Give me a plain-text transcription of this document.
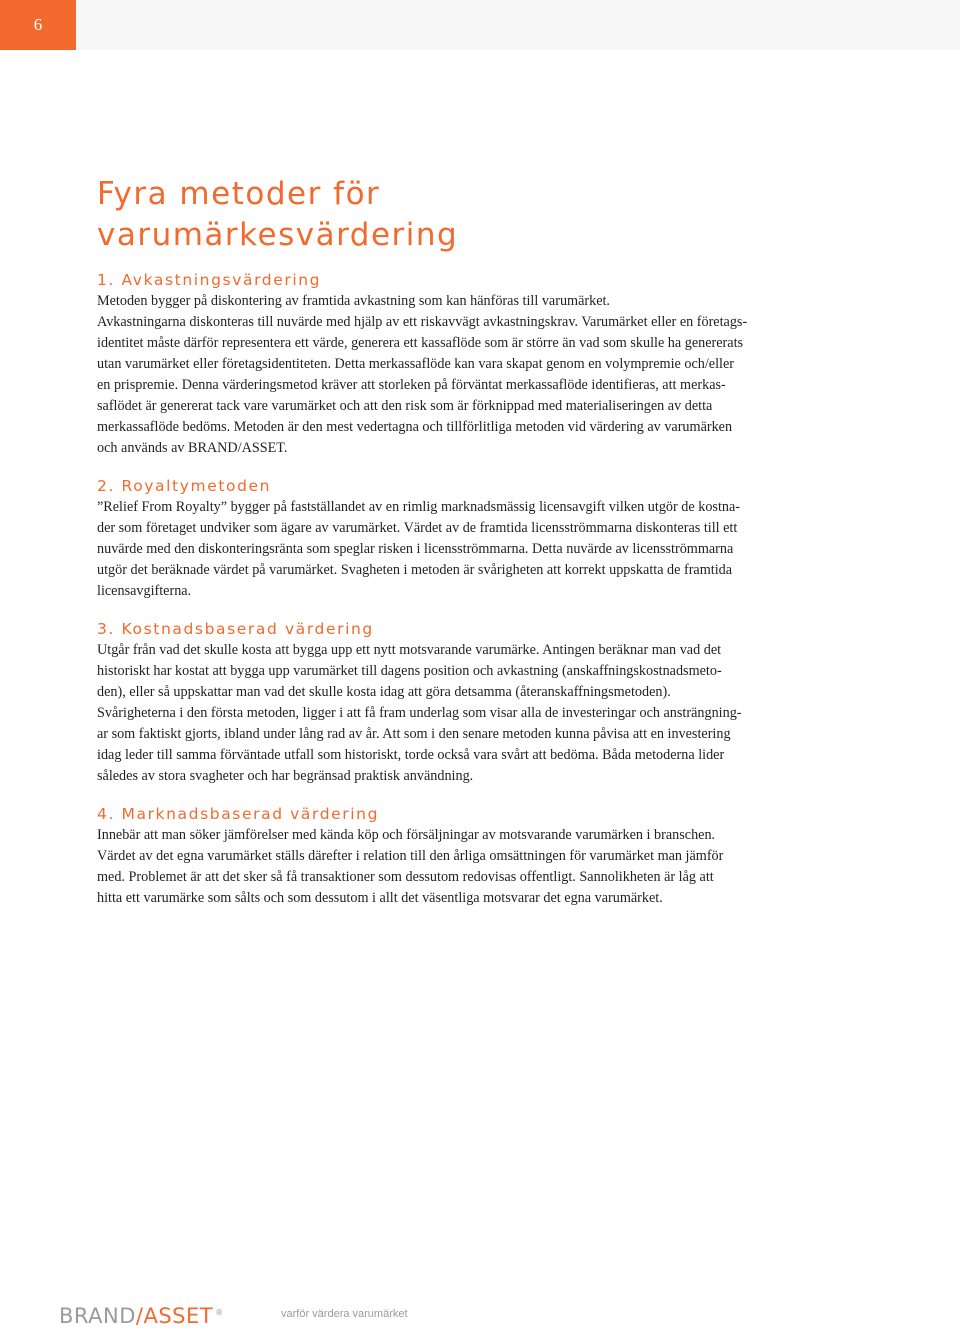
6
Fyra metoder för
varumärkesvärdering
1. Avkastningsvärdering

Metoden bygger på diskontering av framtida avkastning som kan hänföras till varumärket.
Avkastningarna diskonteras till nuvärde med hjälp av ett riskavvägt avkastningskrav. Varumärket eller en företags-
identitet måste därför representera ett värde, generera ett kassaflöde som är större än vad som skulle ha genererats
utan varumärket eller företagsidentiteten. Detta merkassaflöde kan vara skapat genom en volympremie och/eller
en prispremie. Denna värderingsmetod kräver att storleken på förväntat merkassaflöde identifieras, att merkas-
saflödet är genererat tack vare varumärket och att den risk som är förknippad med materialiseringen av detta
merkassaflöde bedöms. Metoden är den mest vedertagna och tillförlitliga metoden vid värdering av varumärken
och används av BRAND/ASSET.

2. Royaltymetoden

”Relief From Royalty” bygger på fastställandet av en rimlig marknadsmässig licensavgift vilken utgör de kostna-
der som företaget undviker som ägare av varumärket. Värdet av de framtida licensströmmarna diskonteras till ett
nuvärde med den diskonteringsränta som speglar risken i licensströmmarna. Detta nuvärde av licensströmmarna
utgör det beräknade värdet på varumärket. Svagheten i metoden är svårigheten att korrekt uppskatta de framtida
licensavgifterna.

3. Kostnadsbaserad värdering

Utgår från vad det skulle kosta att bygga upp ett nytt motsvarande varumärke. Antingen beräknar man vad det
historiskt har kostat att bygga upp varumärket till dagens position och avkastning (anskaffningskostnadsmeto-
den), eller så uppskattar man vad det skulle kosta idag att göra detsamma (återanskaffningsmetoden).
Svårigheterna i den första metoden, ligger i att få fram underlag som visar alla de investeringar och ansträngning-
ar som faktiskt gjorts, ibland under lång rad av år. Att som i den senare metoden kunna påvisa att en investering
idag leder till samma förväntade utfall som historiskt, torde också vara svårt att bedöma. Båda metoderna lider
således av stora svagheter och har begränsad praktisk användning.

4. Marknadsbaserad värdering

Innebär att man söker jämförelser med kända köp och försäljningar av motsvarande varumärken i branschen.
Värdet av det egna varumärket ställs därefter i relation till den årliga omsättningen för varumärket man jämför
med. Problemet är att det sker så få transaktioner som dessutom redovisas offentligt. Sannolikheten är låg att
hitta ett varumärke som sålts och som dessutom i allt det väsentliga motsvarar det egna varumärket.

BRAND/ASSET ®	varför värdera varumärket
